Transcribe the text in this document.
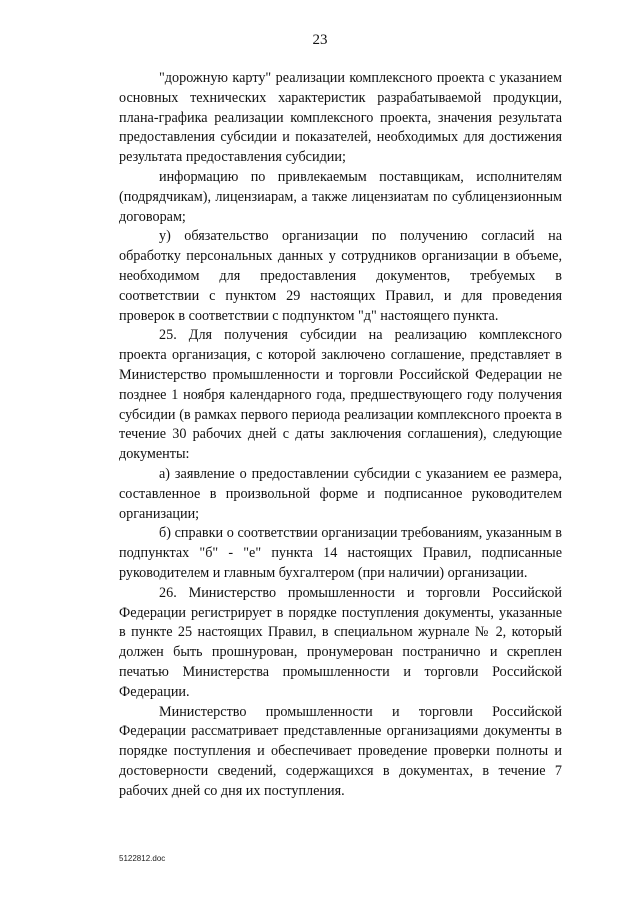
23

"дорожную карту" реализации комплексного проекта с указанием основных технических характеристик разрабатываемой продукции, плана-графика реализации комплексного проекта, значения результата предоставления субсидии и показателей, необходимых для достижения результата предоставления субсидии;

информацию по привлекаемым поставщикам, исполнителям (подрядчикам), лицензиарам, а также лицензиатам по сублицензионным договорам;

у) обязательство организации по получению согласий на обработку персональных данных у сотрудников организации в объеме, необходимом для предоставления документов, требуемых в соответствии с пунктом 29 настоящих Правил, и для проведения проверок в соответствии с подпунктом "д" настоящего пункта.

25. Для получения субсидии на реализацию комплексного проекта организация, с которой заключено соглашение, представляет в Министерство промышленности и торговли Российской Федерации не позднее 1 ноября календарного года, предшествующего году получения субсидии (в рамках первого периода реализации комплексного проекта в течение 30 рабочих дней с даты заключения соглашения), следующие документы:

а) заявление о предоставлении субсидии с указанием ее размера, составленное в произвольной форме и подписанное руководителем организации;

б) справки о соответствии организации требованиям, указанным в подпунктах "б" - "е" пункта 14 настоящих Правил, подписанные руководителем и главным бухгалтером (при наличии) организации.

26. Министерство промышленности и торговли Российской Федерации регистрирует в порядке поступления документы, указанные в пункте 25 настоящих Правил, в специальном журнале № 2, который должен быть прошнурован, пронумерован постранично и скреплен печатью Министерства промышленности и торговли Российской Федерации.

Министерство промышленности и торговли Российской Федерации рассматривает представленные организациями документы в порядке поступления и обеспечивает проведение проверки полноты и достоверности сведений, содержащихся в документах, в течение 7 рабочих дней со дня их поступления.

5122812.doc
